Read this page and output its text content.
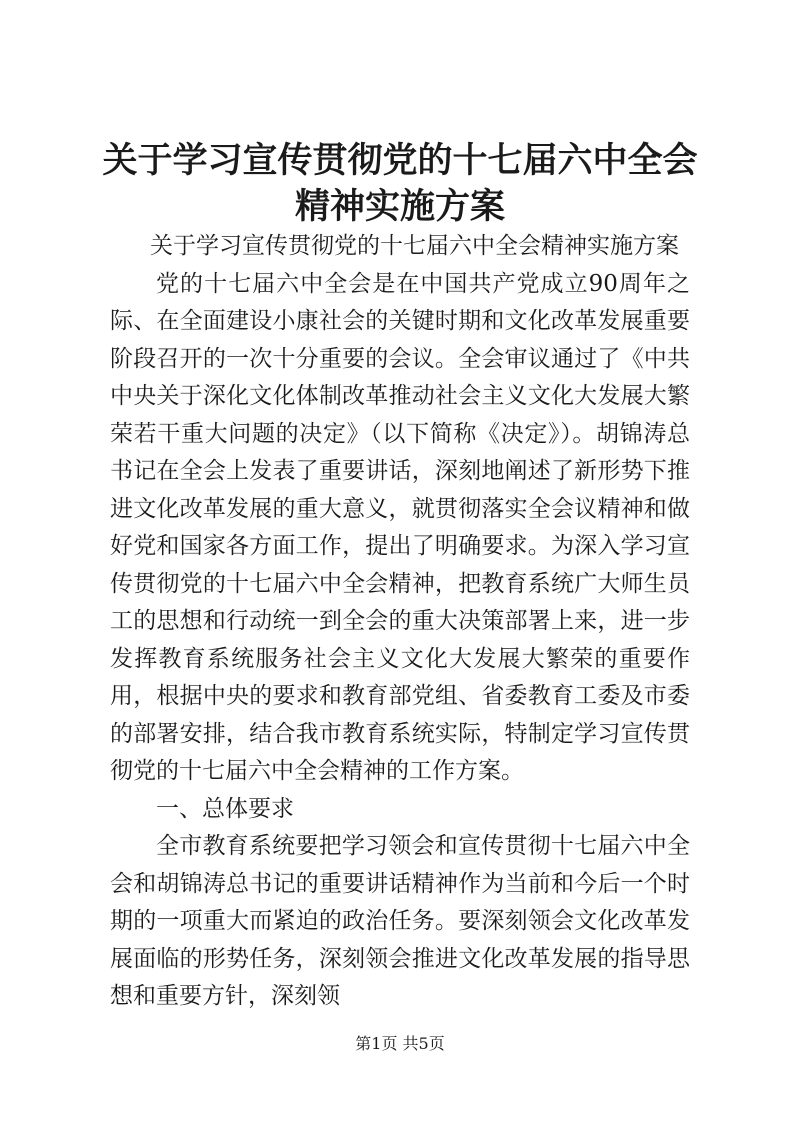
关于学习宣传贯彻党的十七届六中全会精神实施方案

关于学习宣传贯彻党的十七届六中全会精神实施方案

党的十七届六中全会是在中国共产党成立90周年之际、在全面建设小康社会的关键时期和文化改革发展重要阶段召开的一次十分重要的会议。全会审议通过了《中共中央关于深化文化体制改革推动社会主义文化大发展大繁荣若干重大问题的决定》（以下简称《决定》）。胡锦涛总书记在全会上发表了重要讲话，深刻地阐述了新形势下推进文化改革发展的重大意义，就贯彻落实全会议精神和做好党和国家各方面工作，提出了明确要求。为深入学习宣传贯彻党的十七届六中全会精神，把教育系统广大师生员工的思想和行动统一到全会的重大决策部署上来，进一步发挥教育系统服务社会主义文化大发展大繁荣的重要作用，根据中央的要求和教育部党组、省委教育工委及市委的部署安排，结合我市教育系统实际，特制定学习宣传贯彻党的十七届六中全会精神的工作方案。

一、总体要求

全市教育系统要把学习领会和宣传贯彻十七届六中全会和胡锦涛总书记的重要讲话精神作为当前和今后一个时期的一项重大而紧迫的政治任务。要深刻领会文化改革发展面临的形势任务，深刻领会推进文化改革发展的指导思想和重要方针，深刻领

第1页 共5页
